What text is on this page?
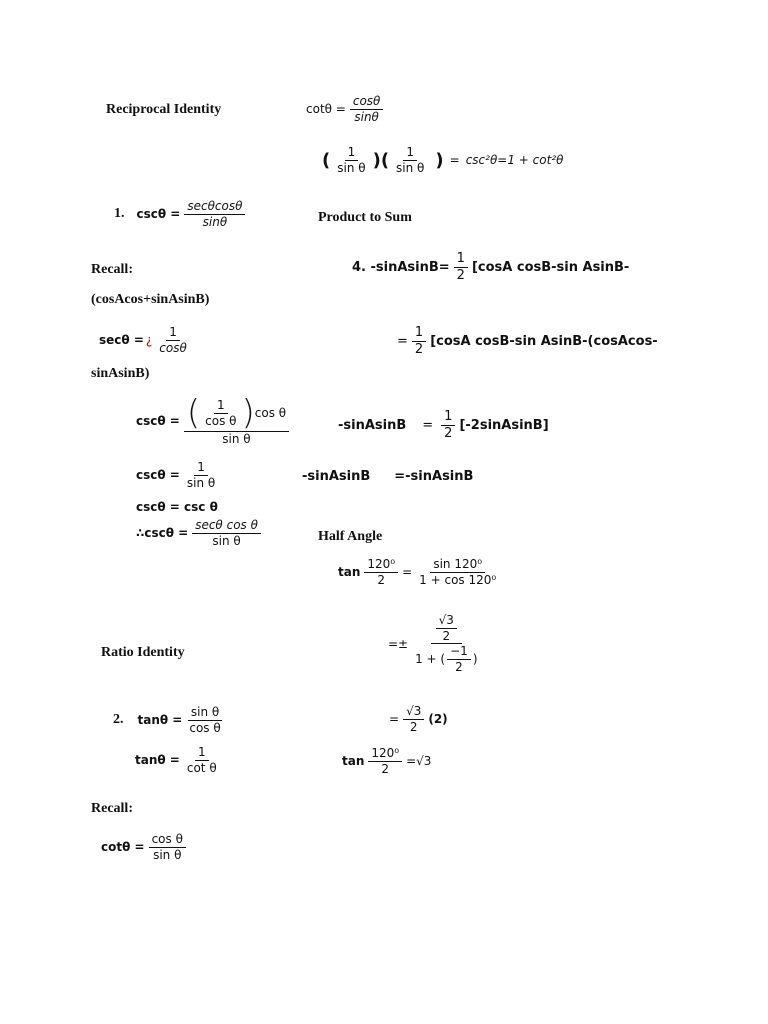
Reciprocal Identity	$\cot\theta = \frac{\cos\theta}{\sin\theta}$
( $\frac{1}{\text{sin θ}}$ )( $\frac{1}{\text{sin θ}}$ ) = csc²θ=1 + cot²θ
1. $\csc\theta = \frac{\sec\theta\cos\theta}{\sin\theta}$	Product to Sum
Recall:	4. -sinAsinB= $\frac{1}{2} [\cos A$ cosB-sin AsinB-
(cosAcos+sinAsinB)
secθ = ¿ $\frac{1}{\cos\theta}$	= $\frac{1}{2} [\cos A$ cosB-sin AsinB-(cosAcos-
sinAsinB)
cscθ = ( $\frac{1}{\text{cos θ}}$ ) cos θ
sin θ
-sinAsinB = $\frac{1}{2}$ [-2sinAsinB]
$\csc\theta = \frac{1}{\text{sin θ}}$	-sinAsinB =-sinAsinB
cscθ = csc θ
∴cscθ = $\frac{\text{secθ cos θ}}{\text{sin θ}}$	Half Angle
$\tan \frac{\text{120⁰}}{2} = \frac{\text{sin 120⁰}}{\text{1 + cos 120⁰}}$
Ratio Identity
=± $\frac{\frac{√3}{2}}{1 + ( \frac{-1}{2} )}$
2. $\tan\theta = \frac{\text{sin θ}}{\text{cos θ}}$	= $\frac{√3}{2} (2)$
$\tan\theta = \frac{1}{\text{cot θ}}$	$\tan \frac{\text{120⁰}}{2} =√3$
Recall:
$\cot\theta = \frac{\text{cos θ}}{\text{sin θ}}$
